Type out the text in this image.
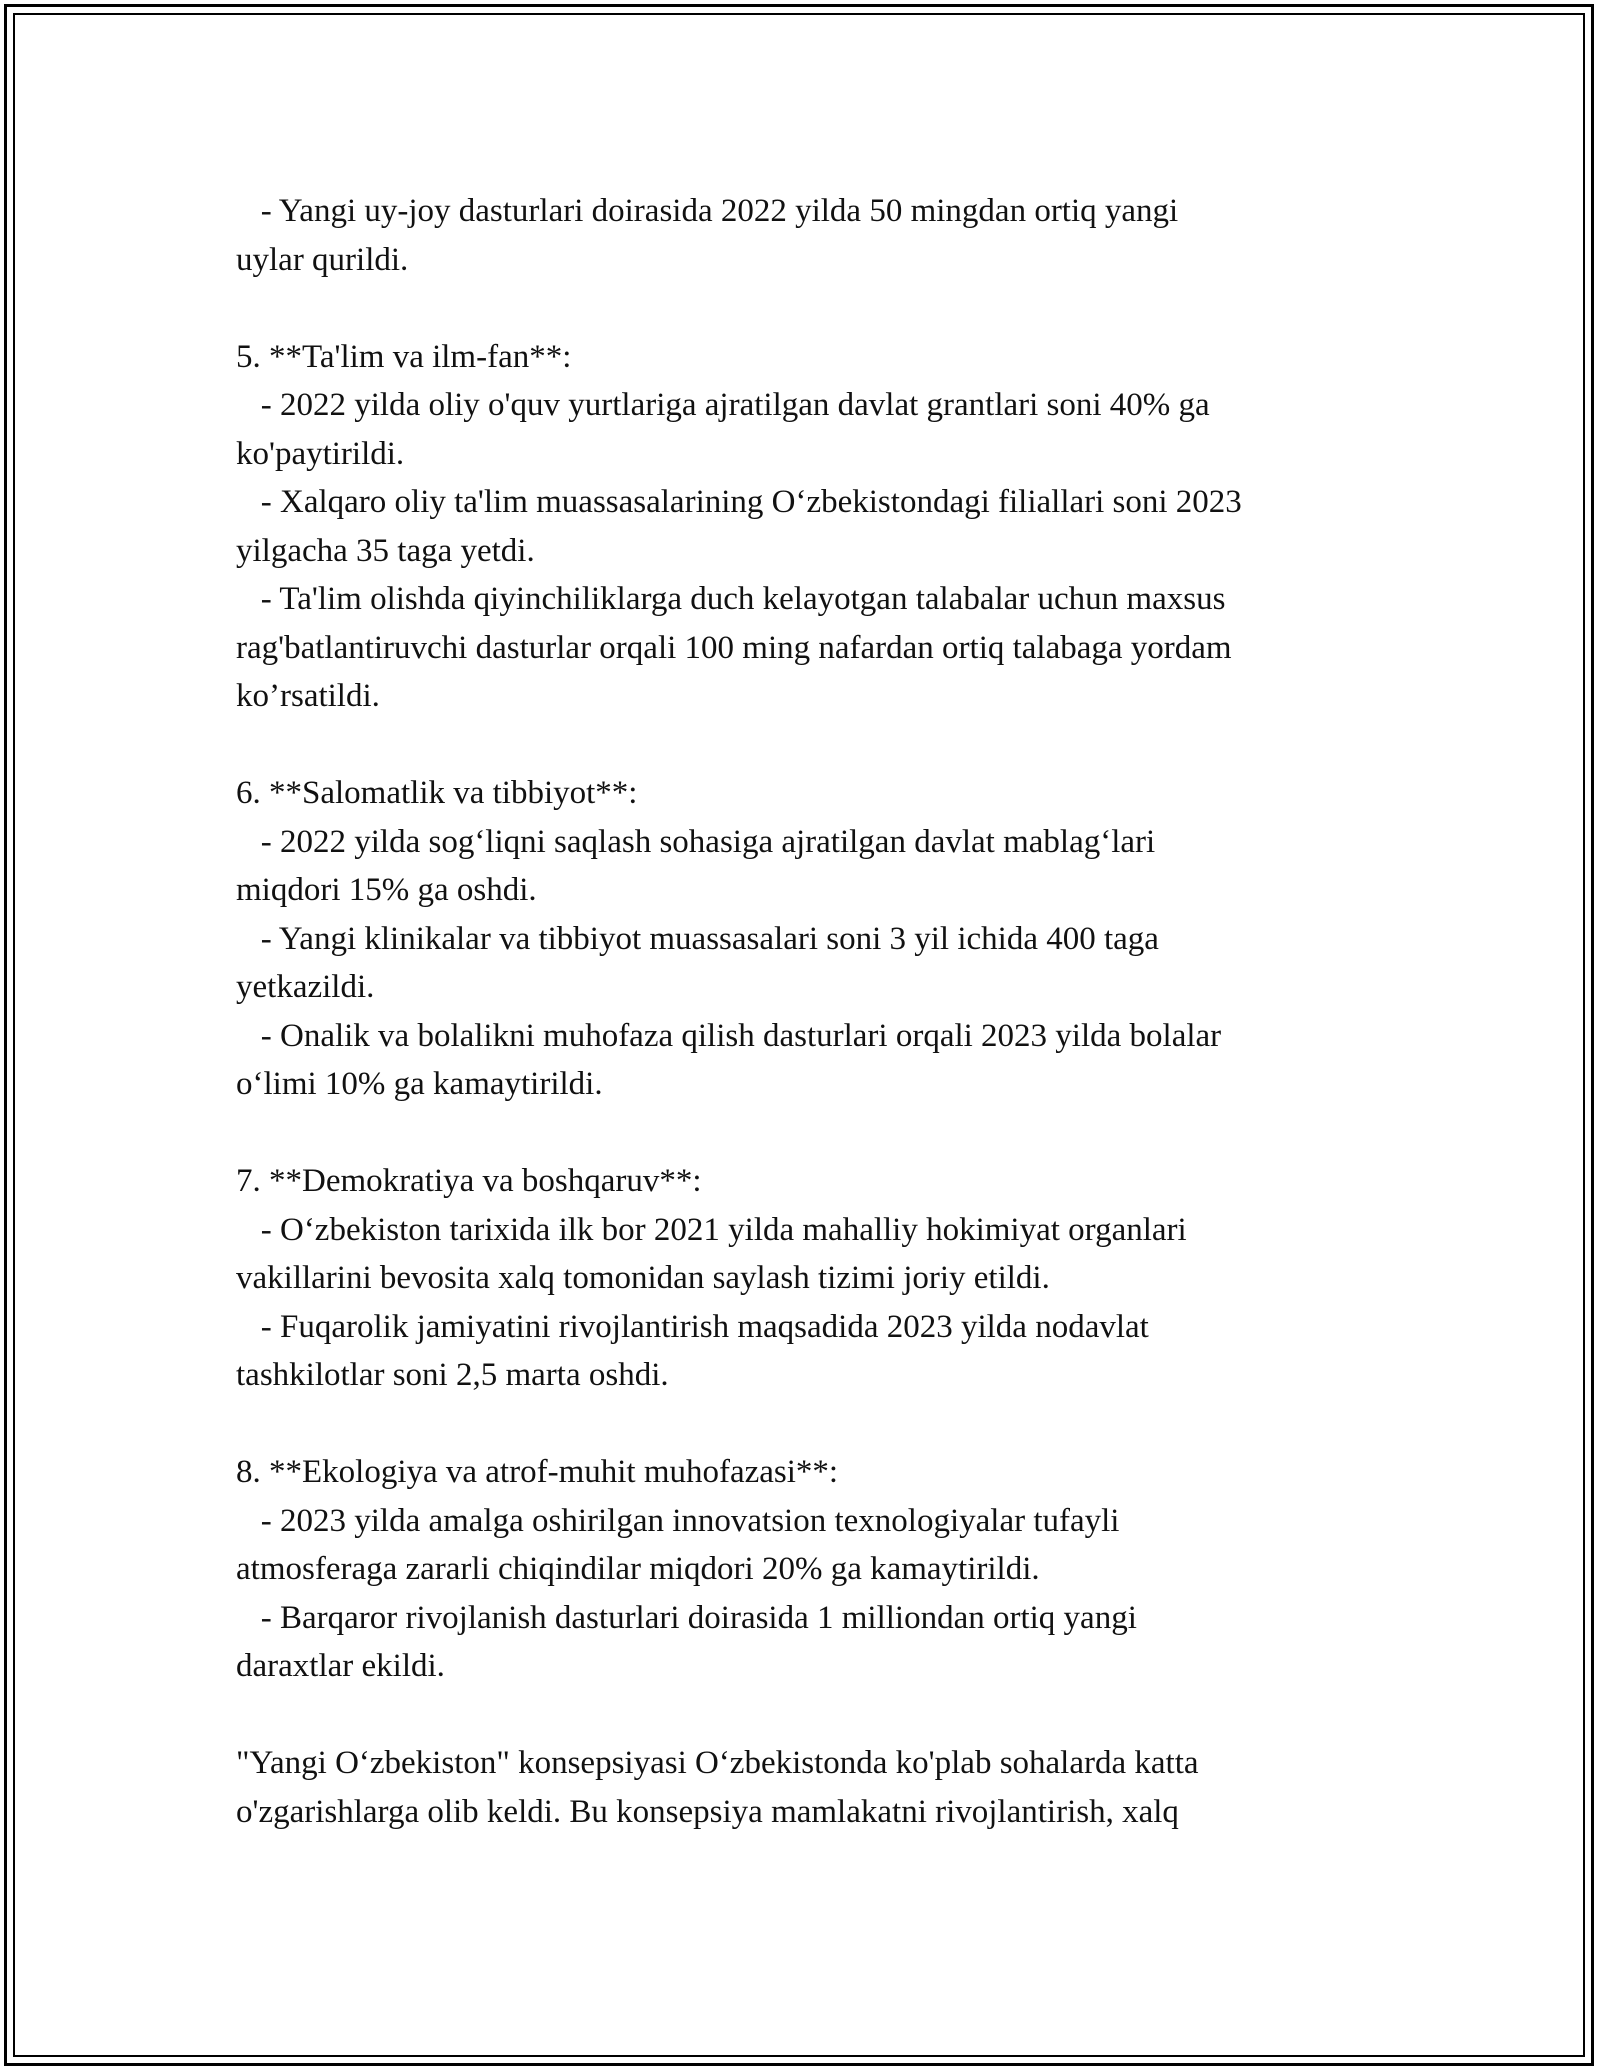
- Yangi uy-joy dasturlari doirasida 2022 yilda 50 mingdan ortiq yangi
uylar qurildi.
5. **Ta'lim va ilm-fan**:
- 2022 yilda oliy o'quv yurtlariga ajratilgan davlat grantlari soni 40% ga
ko'paytirildi.
- Xalqaro oliy ta'lim muassasalarining O‘zbekistondagi filiallari soni 2023
yilgacha 35 taga yetdi.
- Ta'lim olishda qiyinchiliklarga duch kelayotgan talabalar uchun maxsus
rag'batlantiruvchi dasturlar orqali 100 ming nafardan ortiq talabaga yordam
ko’rsatildi.
6. **Salomatlik va tibbiyot**:
- 2022 yilda sog‘liqni saqlash sohasiga ajratilgan davlat mablag‘lari
miqdori 15% ga oshdi.
- Yangi klinikalar va tibbiyot muassasalari soni 3 yil ichida 400 taga
yetkazildi.
- Onalik va bolalikni muhofaza qilish dasturlari orqali 2023 yilda bolalar
o‘limi 10% ga kamaytirildi.
7. **Demokratiya va boshqaruv**:
- O‘zbekiston tarixida ilk bor 2021 yilda mahalliy hokimiyat organlari
vakillarini bevosita xalq tomonidan saylash tizimi joriy etildi.
- Fuqarolik jamiyatini rivojlantirish maqsadida 2023 yilda nodavlat
tashkilotlar soni 2,5 marta oshdi.
8. **Ekologiya va atrof-muhit muhofazasi**:
- 2023 yilda amalga oshirilgan innovatsion texnologiyalar tufayli
atmosferaga zararli chiqindilar miqdori 20% ga kamaytirildi.
- Barqaror rivojlanish dasturlari doirasida 1 milliondan ortiq yangi
daraxtlar ekildi.
"Yangi O‘zbekiston" konsepsiyasi O‘zbekistonda ko'plab sohalarda katta
o'zgarishlarga olib keldi. Bu konsepsiya mamlakatni rivojlantirish, xalq
